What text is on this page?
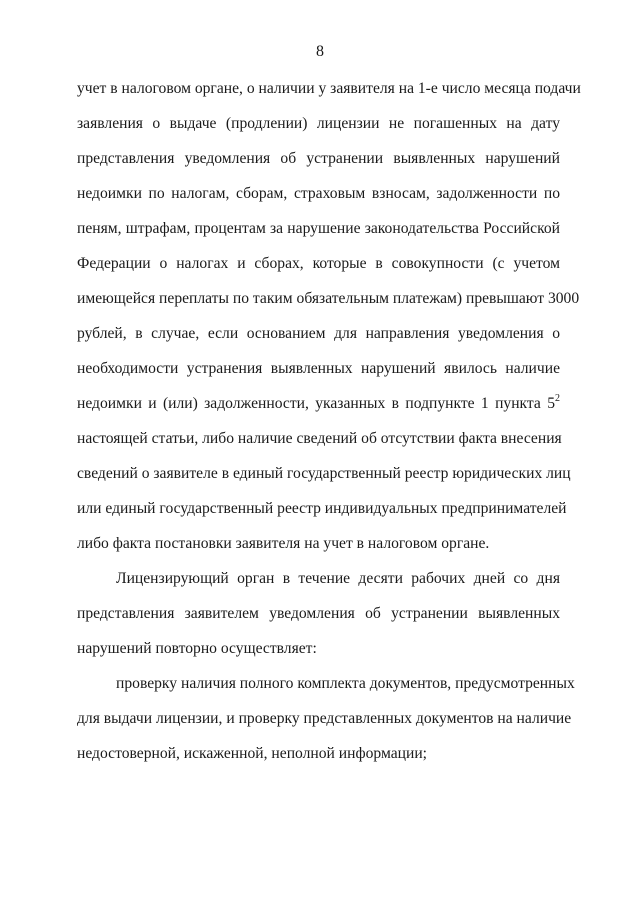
8
учет в налоговом органе, о наличии у заявителя на 1-е число месяца подачи
заявления о выдаче (продлении) лицензии не погашенных на дату
представления уведомления об устранении выявленных нарушений
недоимки по налогам, сборам, страховым взносам, задолженности по
пеням, штрафам, процентам за нарушение законодательства Российской
Федерации о налогах и сборах, которые в совокупности (с учетом
имеющейся переплаты по таким обязательным платежам) превышают 3000
рублей, в случае, если основанием для направления уведомления о
необходимости устранения выявленных нарушений явилось наличие
недоимки и (или) задолженности, указанных в подпункте 1 пункта $5^2$
настоящей статьи, либо наличие сведений об отсутствии факта внесения
сведений о заявителе в единый государственный реестр юридических лиц
или единый государственный реестр индивидуальных предпринимателей
либо факта постановки заявителя на учет в налоговом органе.
Лицензирующий орган в течение десяти рабочих дней со дня
представления заявителем уведомления об устранении выявленных
нарушений повторно осуществляет:
проверку наличия полного комплекта документов, предусмотренных
для выдачи лицензии, и проверку представленных документов на наличие
недостоверной, искаженной, неполной информации;
